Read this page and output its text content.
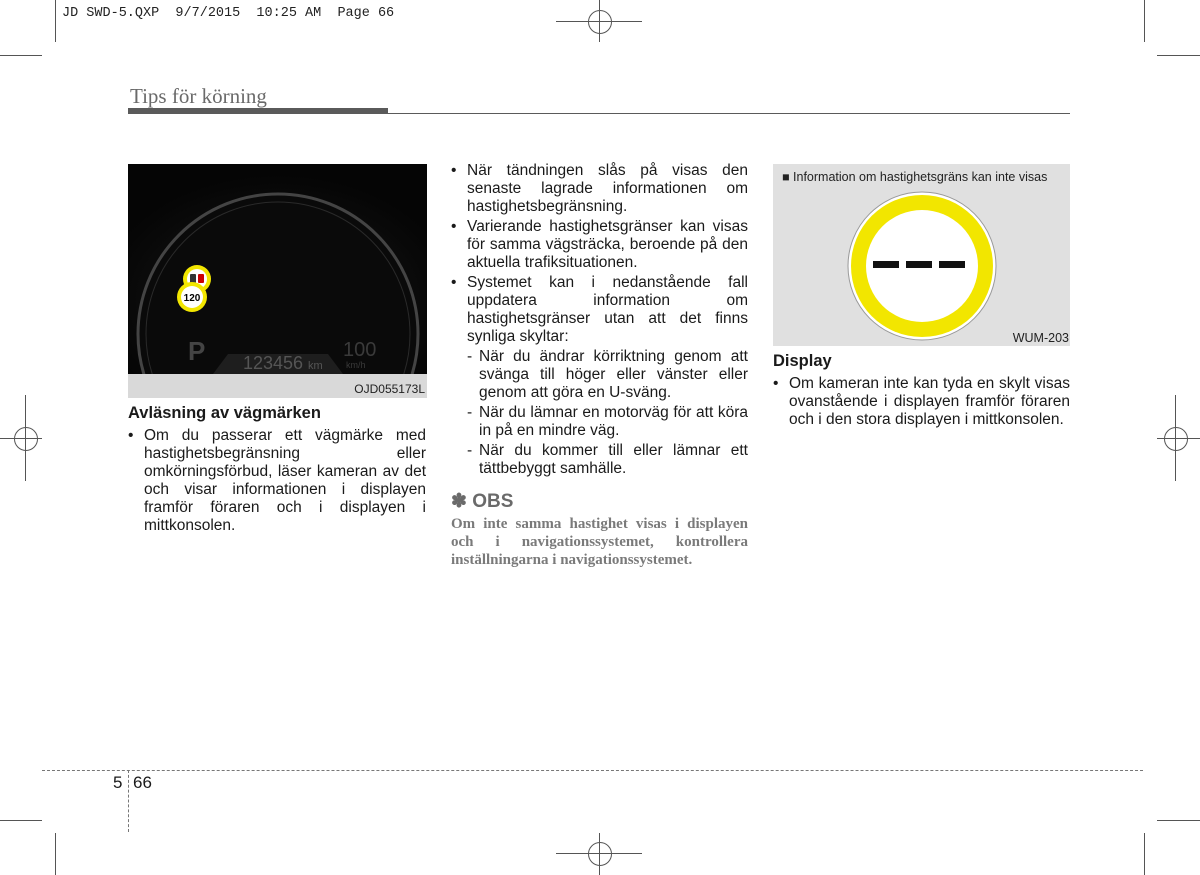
JD SWD-5.QXP  9/7/2015  10:25 AM  Page 66
Tips för körning
P 123456 km
100
km/h
120
OJD055173L
Avläsning av vägmärken
• Om du passerar ett vägmärke med hastighetsbegränsning eller omkörningsförbud, läser kameran av det och visar informationen i displayen framför föraren och i displayen i mittkonsolen.
• När tändningen slås på visas den senaste lagrade informationen om hastighetsbegränsning.
• Varierande hastighetsgränser kan visas för samma vägsträcka, beroende på den aktuella trafiksituationen.
• Systemet kan i nedanstående fall uppdatera information om hastighetsgränser utan att det finns synliga skyltar:
- När du ändrar körriktning genom att svänga till höger eller vänster eller genom att göra en U-sväng.
- När du lämnar en motorväg för att köra in på en mindre väg.
- När du kommer till eller lämnar ett tättbebyggt samhälle.
✽ OBS
Om inte samma hastighet visas i displayen och i navigationssystemet, kontrollera inställningarna i navigationssystemet.
■ Information om hastighetsgräns kan inte visas
WUM-203
Display
• Om kameran inte kan tyda en skylt visas ovanstående i displayen framför föraren och i den stora displayen i mittkonsolen.
5 66
